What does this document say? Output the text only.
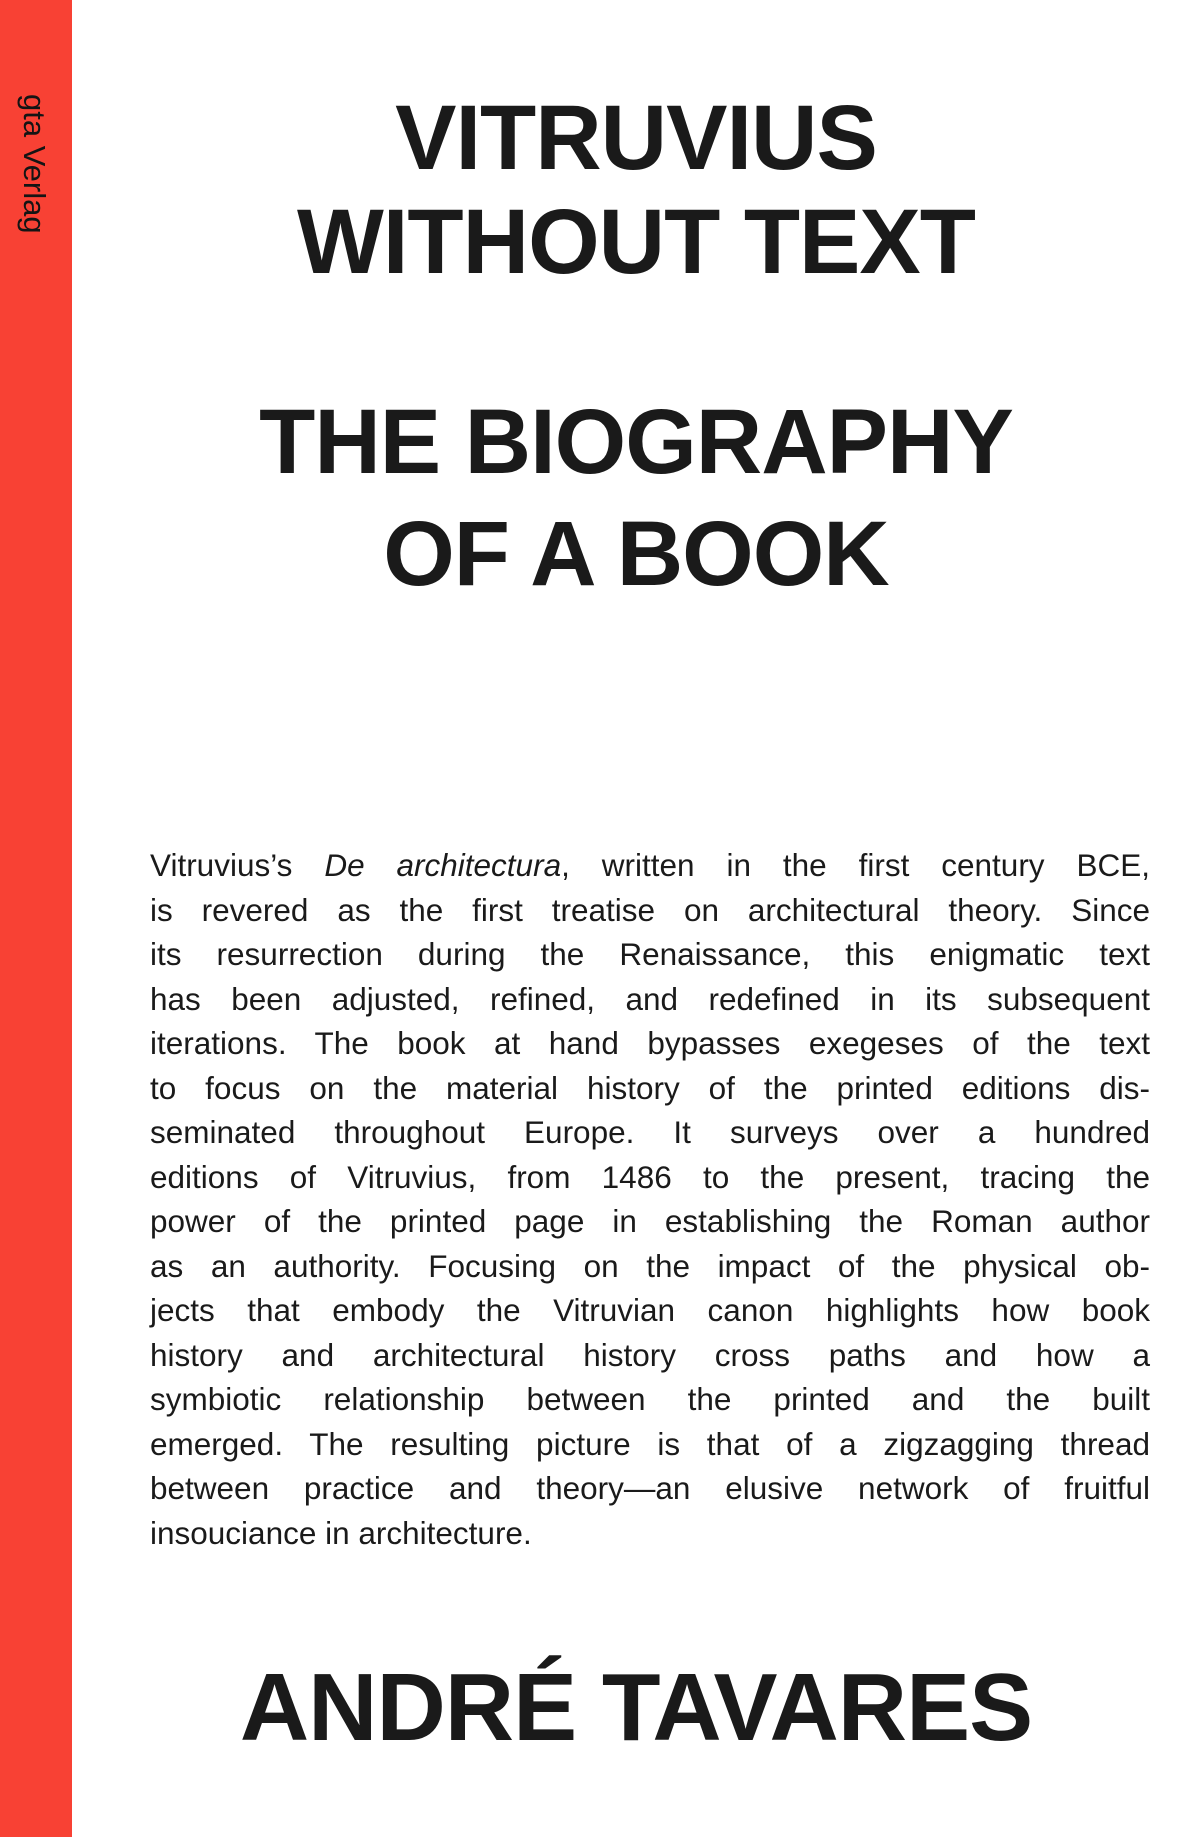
gta Verlag	VITRUVIUS
WITHOUT TEXT
THE BIOGRAPHY
OF A BOOK

Vitruvius’s De architectura, written in the first century BCE,
is revered as the first treatise on architectural theory. Since
its resurrection during the Renaissance, this enigmatic text
has been adjusted, refined, and redefined in its subsequent
iterations. The book at hand bypasses exegeses of the text
to focus on the material history of the printed editions dis-
seminated throughout Europe. It surveys over a hundred
editions of Vitruvius, from 1486 to the present, tracing the
power of the printed page in establishing the Roman author
as an authority. Focusing on the impact of the physical ob-
jects that embody the Vitruvian canon highlights how book
history and architectural history cross paths and how a
symbiotic relationship between the printed and the built
emerged. The resulting picture is that of a zigzagging thread
between practice and theory—an elusive network of fruitful
insouciance in architecture.

ANDRÉ TAVARES
